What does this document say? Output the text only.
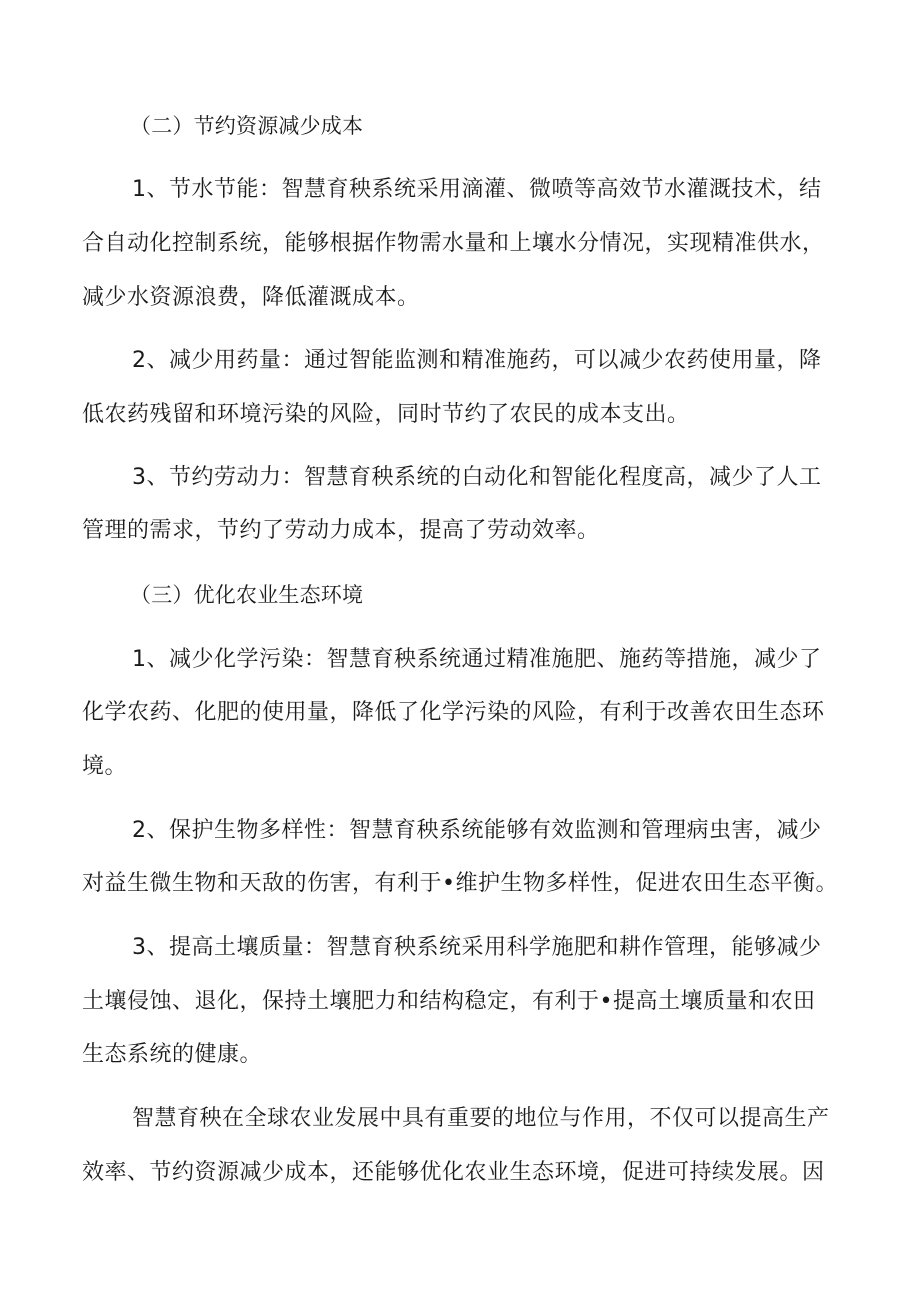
（二）节约资源减少成本
1、节水节能：智慧育秧系统采用滴灌、微喷等高效节水灌溉技术，结
合自动化控制系统，能够根据作物需水量和上壤水分情况，实现精准供水，
减少水资源浪费，降低灌溉成本。
2、减少用药量：通过智能监测和精准施药，可以减少农药使用量，降
低农药残留和环境污染的风险，同时节约了农民的成本支出。
3、节约劳动力：智慧育秧系统的白动化和智能化程度高，减少了人工
管理的需求，节约了劳动力成本，提高了劳动效率。
（三）优化农业生态环境
1、减少化学污染：智慧育秧系统通过精准施肥、施药等措施，减少了
化学农药、化肥的使用量，降低了化学污染的风险，有利于改善农田生态环
境。
2、保护生物多样性：智慧育秧系统能够有效监测和管理病虫害，减少
对益生微生物和天敌的伤害，有利于•维护生物多样性，促进农田生态平衡。
3、提高土壤质量：智慧育秧系统采用科学施肥和耕作管理，能够减少
土壤侵蚀、退化，保持土壤肥力和结构稳定，有利于•提高土壤质量和农田
生态系统的健康。
智慧育秧在全球农业发展中具有重要的地位与作用，不仅可以提高生产
效率、节约资源减少成本，还能够优化农业生态环境，促进可持续发展。因
